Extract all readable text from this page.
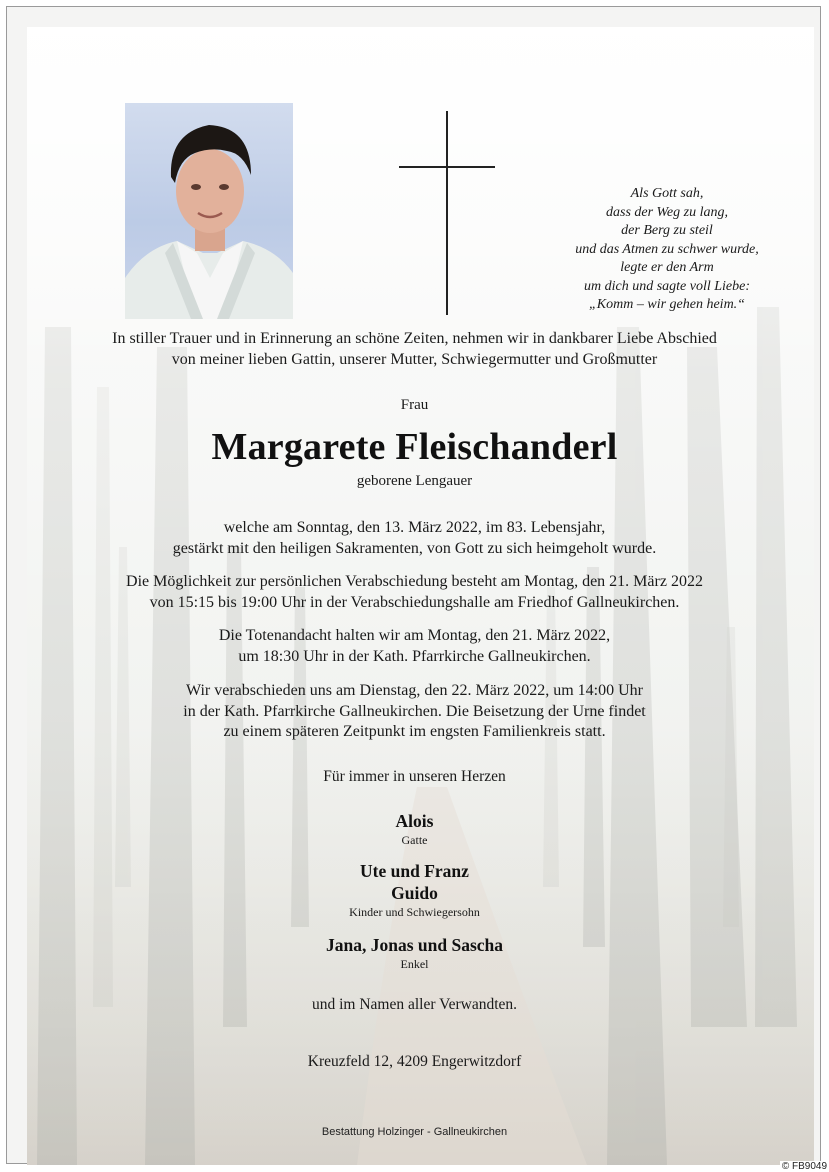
Als Gott sah,
dass der Weg zu lang,
der Berg zu steil
und das Atmen zu schwer wurde,
legte er den Arm
um dich und sagte voll Liebe:
„Komm – wir gehen heim.“
In stiller Trauer und in Erinnerung an schöne Zeiten, nehmen wir in dankbarer Liebe Abschied
von meiner lieben Gattin, unserer Mutter, Schwiegermutter und Großmutter
Frau
Margarete Fleischanderl
geborene Lengauer
welche am Sonntag, den 13. März 2022, im 83. Lebensjahr,
gestärkt mit den heiligen Sakramenten, von Gott zu sich heimgeholt wurde.
Die Möglichkeit zur persönlichen Verabschiedung besteht am Montag, den 21. März 2022
von 15:15 bis 19:00 Uhr in der Verabschiedungshalle am Friedhof Gallneukirchen.
Die Totenandacht halten wir am Montag, den 21. März 2022,
um 18:30 Uhr in der Kath. Pfarrkirche Gallneukirchen.
Wir verabschieden uns am Dienstag, den 22. März 2022, um 14:00 Uhr
in der Kath. Pfarrkirche Gallneukirchen. Die Beisetzung der Urne findet
zu einem späteren Zeitpunkt im engsten Familienkreis statt.
Für immer in unseren Herzen
Alois
Gatte
Ute und Franz
Guido
Kinder und Schwiegersohn
Jana, Jonas und Sascha
Enkel
und im Namen aller Verwandten.
Kreuzfeld 12, 4209 Engerwitzdorf
Bestattung Holzinger - Gallneukirchen
© FB9049
